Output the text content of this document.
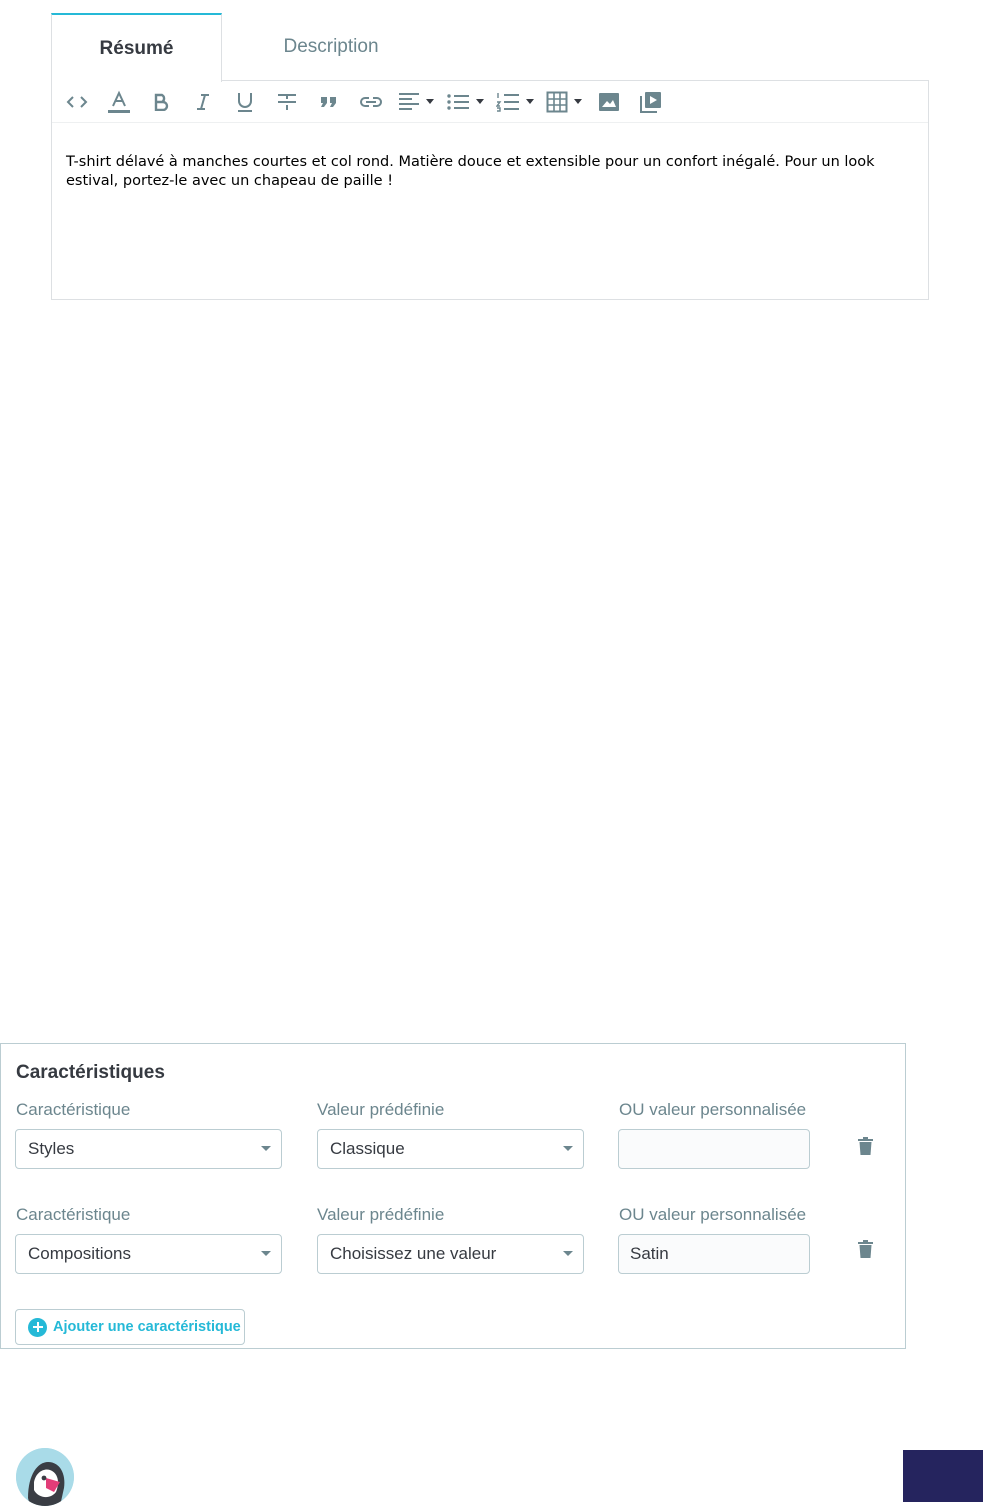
Résumé	Description
T-shirt délavé à manches courtes et col rond. Matière douce et extensible pour un confort inégalé. Pour un look estival, portez-le avec un chapeau de paille !
Caractéristiques
Caractéristique	Valeur prédéfinie	OU valeur personnalisée
Styles	Classique
Caractéristique	Valeur prédéfinie	OU valeur personnalisée
Compositions	Choisissez une valeur	Satin
Ajouter une caractéristique
